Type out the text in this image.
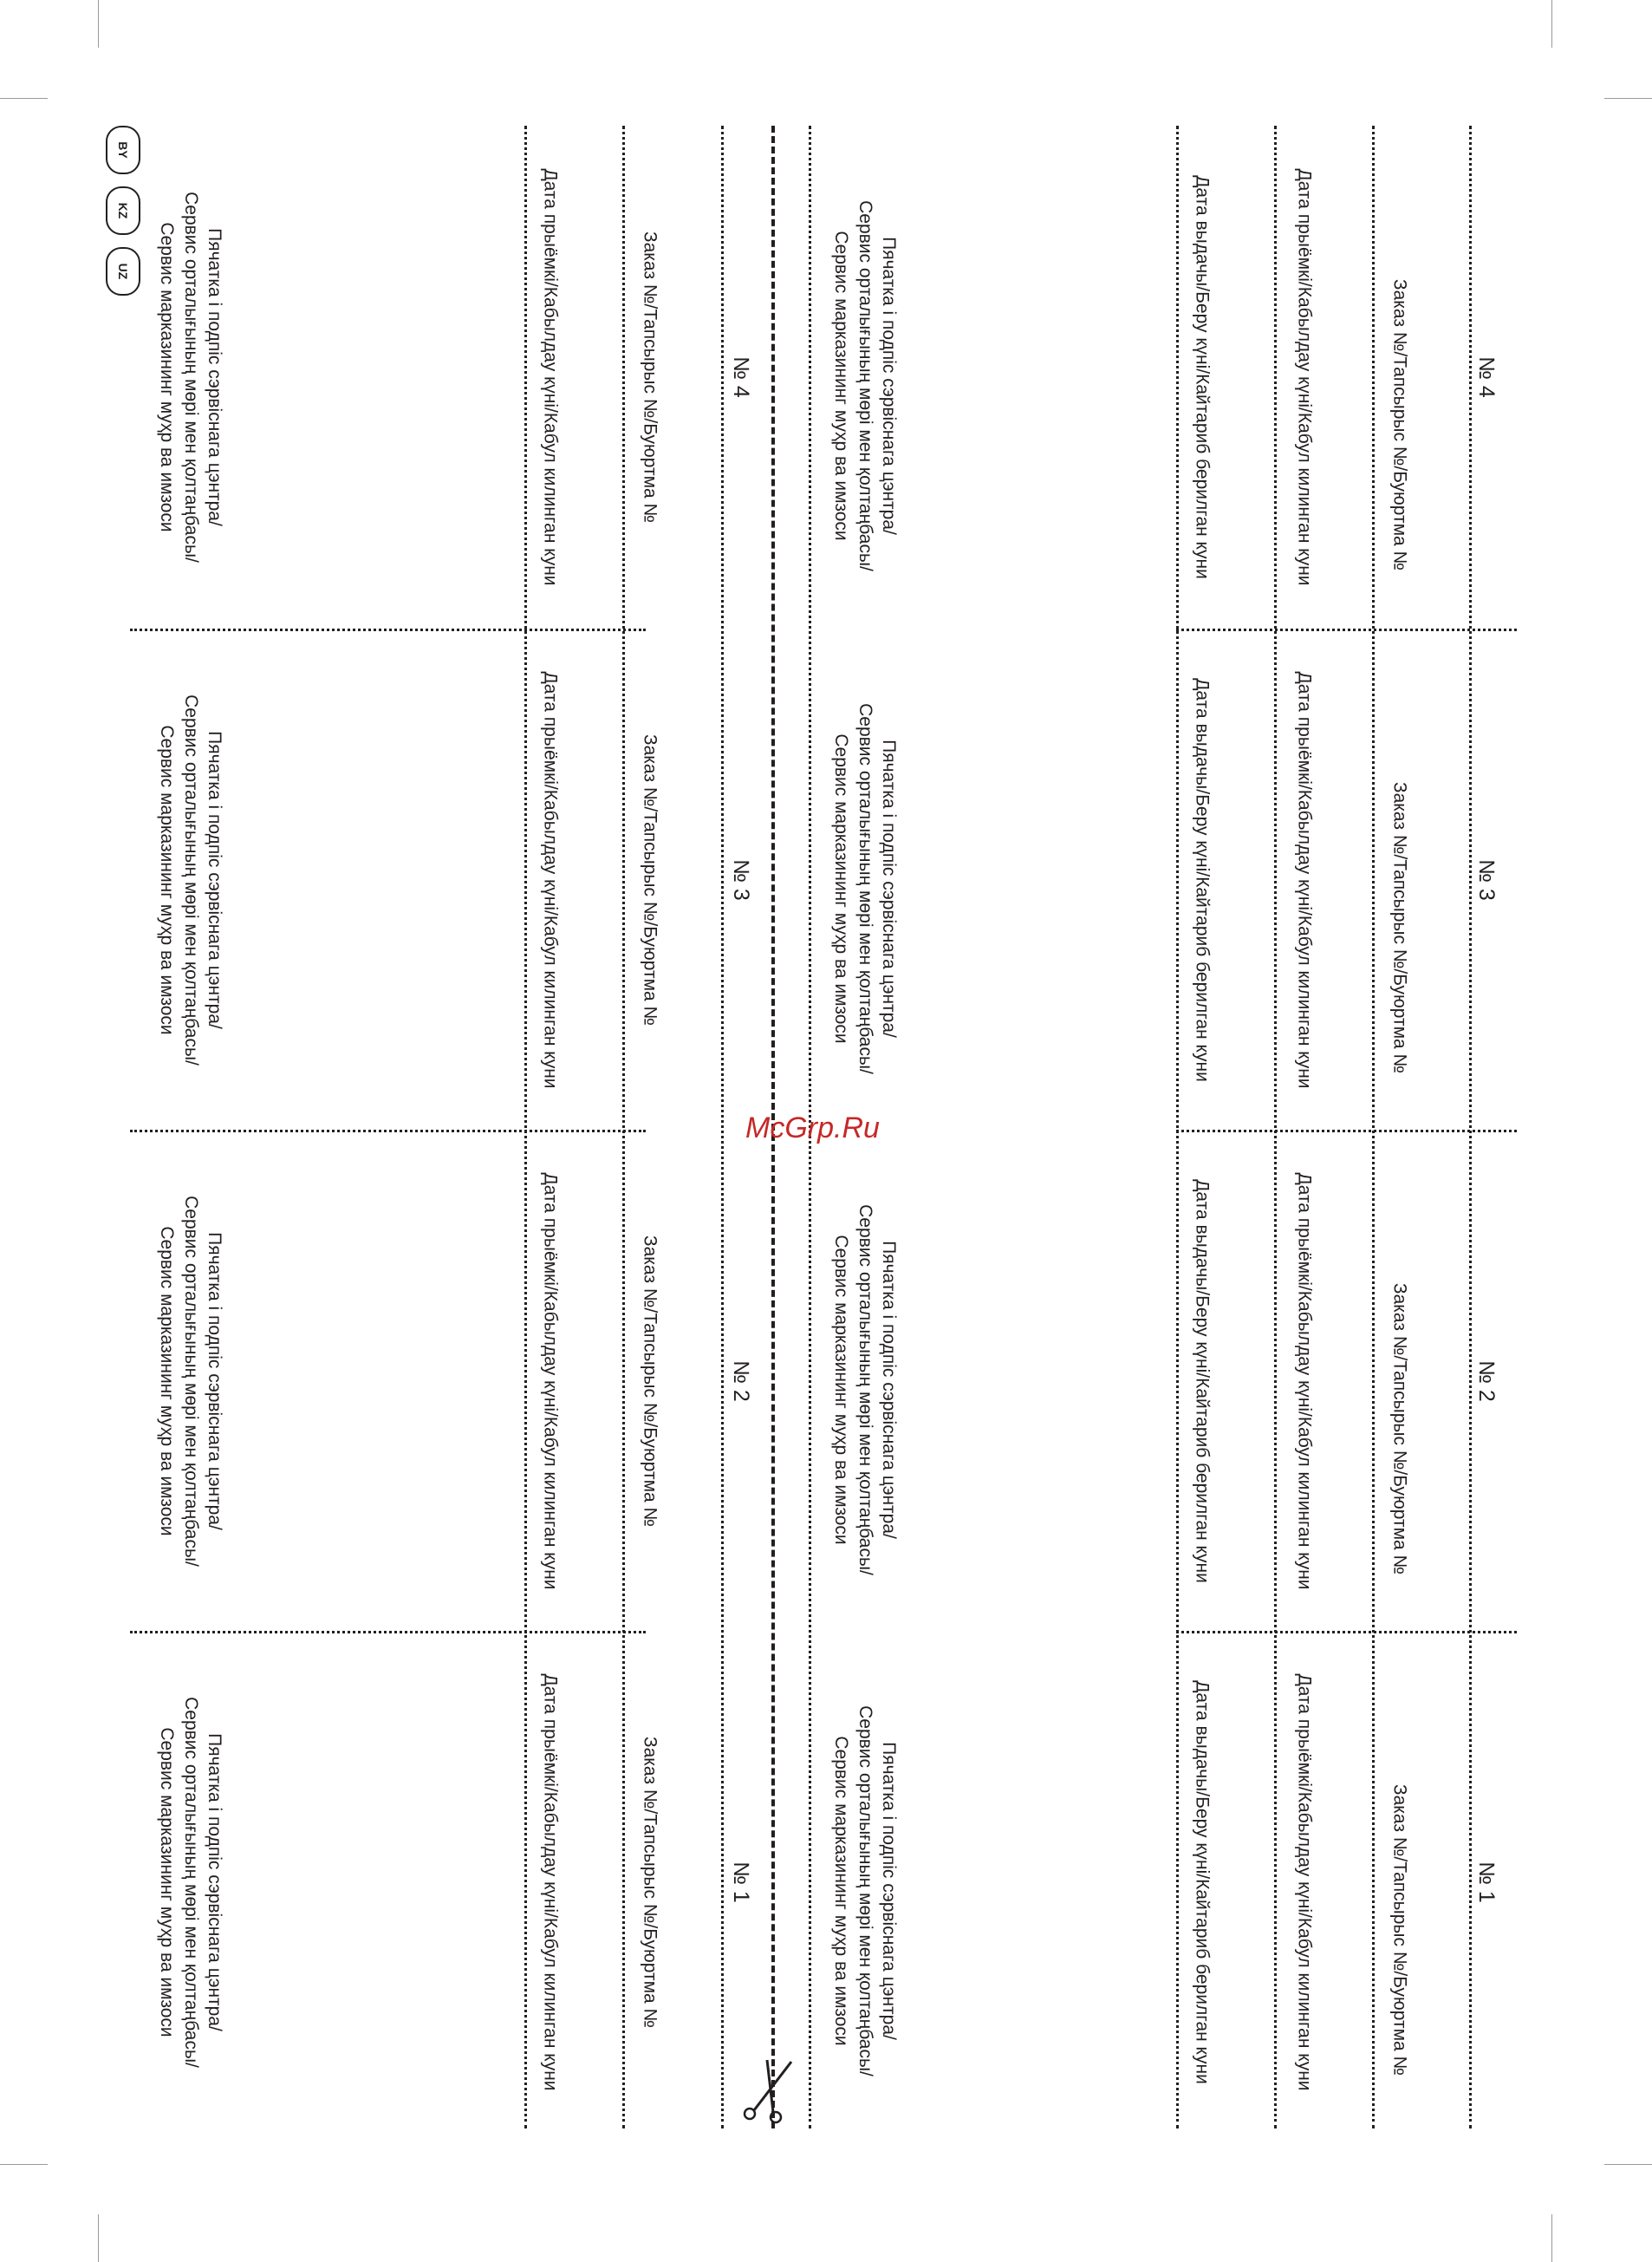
BY
KZ
UZ
№ 4
Заказ №/Тапсырыс №/Буюртма №
Дата прыёмкі/Кабылдау күні/Кабул килинган куни
Дата выдачы/Беру күні/Кайтариб берилган куни
Пячатка і подпіс сэрвіснага цэнтра/
Сервис орталығының мөрі мен қолтаңбасы/
Сервис марказининг муҳр ва имзоси
№ 4
Заказ №/Тапсырыс №/Буюртма №
Дата прыёмкі/Кабылдау күні/Кабул килинган куни
Пячатка і подпіс сэрвіснага цэнтра/
Сервис орталығының мөрі мен қолтаңбасы/
Сервис марказининг муҳр ва имзоси
№ 3
Заказ №/Тапсырыс №/Буюртма №
Дата прыёмкі/Кабылдау күні/Кабул килинган куни
Дата выдачы/Беру күні/Кайтариб берилган куни
Пячатка і подпіс сэрвіснага цэнтра/
Сервис орталығының мөрі мен қолтаңбасы/
Сервис марказининг муҳр ва имзоси
№ 3
Заказ №/Тапсырыс №/Буюртма №
Дата прыёмкі/Кабылдау күні/Кабул килинган куни
Пячатка і подпіс сэрвіснага цэнтра/
Сервис орталығының мөрі мен қолтаңбасы/
Сервис марказининг муҳр ва имзоси
№ 2
Заказ №/Тапсырыс №/Буюртма №
Дата прыёмкі/Кабылдау күні/Кабул килинган куни
Дата выдачы/Беру күні/Кайтариб берилган куни
Пячатка і подпіс сэрвіснага цэнтра/
Сервис орталығының мөрі мен қолтаңбасы/
Сервис марказининг муҳр ва имзоси
№ 2
Заказ №/Тапсырыс №/Буюртма №
Дата прыёмкі/Кабылдау күні/Кабул килинган куни
Пячатка і подпіс сэрвіснага цэнтра/
Сервис орталығының мөрі мен қолтаңбасы/
Сервис марказининг муҳр ва имзоси
№ 1
Заказ №/Тапсырыс №/Буюртма №
Дата прыёмкі/Кабылдау күні/Кабул килинган куни
Дата выдачы/Беру күні/Кайтариб берилган куни
Пячатка і подпіс сэрвіснага цэнтра/
Сервис орталығының мөрі мен қолтаңбасы/
Сервис марказининг муҳр ва имзоси
№ 1
Заказ №/Тапсырыс №/Буюртма №
Дата прыёмкі/Кабылдау күні/Кабул килинган куни
Пячатка і подпіс сэрвіснага цэнтра/
Сервис орталығының мөрі мен қолтаңбасы/
Сервис марказининг муҳр ва имзоси
McGrp.Ru
